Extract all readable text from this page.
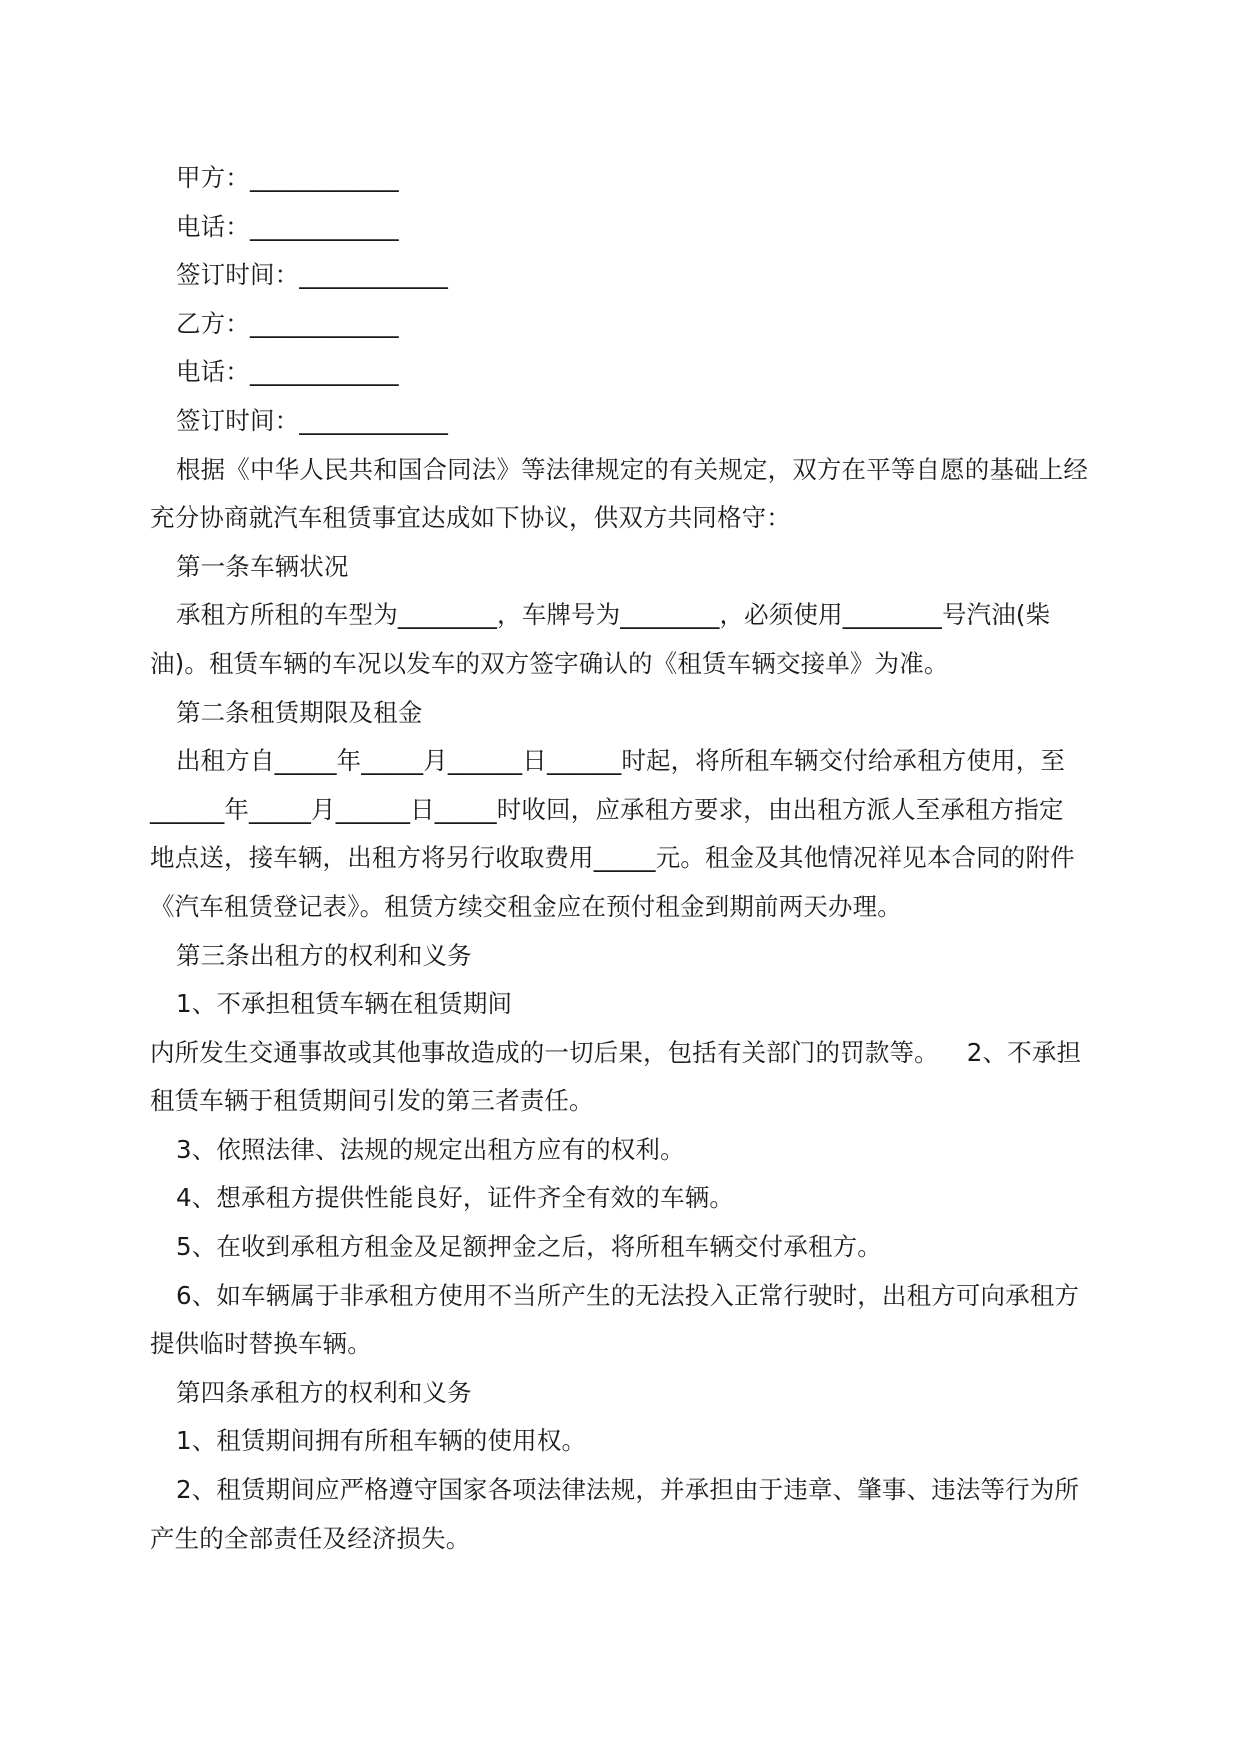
甲方：____________

电话：____________

签订时间：____________

乙方：____________

电话：____________

签订时间：____________

根据《中华人民共和国合同法》等法律规定的有关规定，双方在平等自愿的基础上经

充分协商就汽车租赁事宜达成如下协议，供双方共同格守：

第一条车辆状况

承租方所租的车型为________，车牌号为________，必须使用________号汽油(柴

油)。租赁车辆的车况以发车的双方签字确认的《租赁车辆交接单》为准。

第二条租赁期限及租金

出租方自_____年_____月______日______时起，将所租车辆交付给承租方使用，至

______年_____月______日_____时收回，应承租方要求，由出租方派人至承租方指定

地点送，接车辆，出租方将另行收取费用_____元。租金及其他情况祥见本合同的附件

《汽车租赁登记表》。租赁方续交租金应在预付租金到期前两天办理。

第三条出租方的权利和义务

1、不承担租赁车辆在租赁期间

内所发生交通事故或其他事故造成的一切后果，包括有关部门的罚款等。 2、不承担

租赁车辆于租赁期间引发的第三者责任。

3、依照法律、法规的规定出租方应有的权利。

4、想承租方提供性能良好，证件齐全有效的车辆。

5、在收到承租方租金及足额押金之后，将所租车辆交付承租方。

6、如车辆属于非承租方使用不当所产生的无法投入正常行驶时，出租方可向承租方

提供临时替换车辆。

第四条承租方的权利和义务

1、租赁期间拥有所租车辆的使用权。

2、租赁期间应严格遵守国家各项法律法规，并承担由于违章、肇事、违法等行为所

产生的全部责任及经济损失。
